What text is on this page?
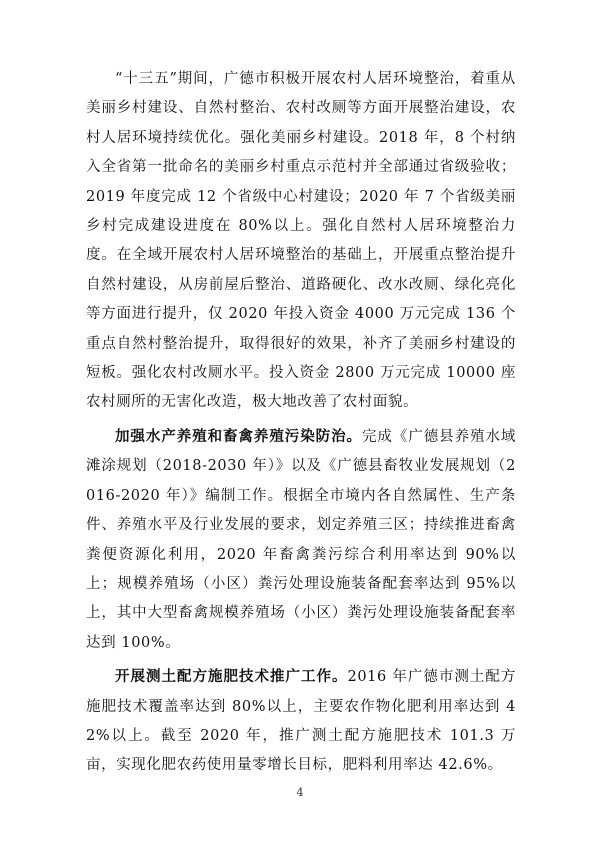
“十三五”期间，广德市积极开展农村人居环境整治，着重从美丽乡村建设、自然村整治、农村改厕等方面开展整治建设，农村人居环境持续优化。强化美丽乡村建设。2018 年，8 个村纳入全省第一批命名的美丽乡村重点示范村并全部通过省级验收；2019 年度完成 12 个省级中心村建设；2020 年 7 个省级美丽乡村完成建设进度在 80%以上。强化自然村人居环境整治力度。在全域开展农村人居环境整治的基础上，开展重点整治提升自然村建设，从房前屋后整治、道路硬化、改水改厕、绿化亮化等方面进行提升，仅 2020 年投入资金 4000 万元完成 136 个重点自然村整治提升，取得很好的效果，补齐了美丽乡村建设的短板。强化农村改厕水平。投入资金 2800 万元完成 10000 座农村厕所的无害化改造，极大地改善了农村面貌。

加强水产养殖和畜禽养殖污染防治。完成《广德县养殖水域滩涂规划（2018-2030 年）》以及《广德县畜牧业发展规划（2016-2020 年）》编制工作。根据全市境内各自然属性、生产条件、养殖水平及行业发展的要求，划定养殖三区；持续推进畜禽粪便资源化利用，2020 年畜禽粪污综合利用率达到 90%以上；规模养殖场（小区）粪污处理设施装备配套率达到 95%以上，其中大型畜禽规模养殖场（小区）粪污处理设施装备配套率达到 100%。

开展测土配方施肥技术推广工作。2016 年广德市测土配方施肥技术覆盖率达到 80%以上，主要农作物化肥利用率达到 42%以上。截至 2020 年，推广测土配方施肥技术 101.3 万亩，实现化肥农药使用量零增长目标，肥料利用率达 42.6%。

4
